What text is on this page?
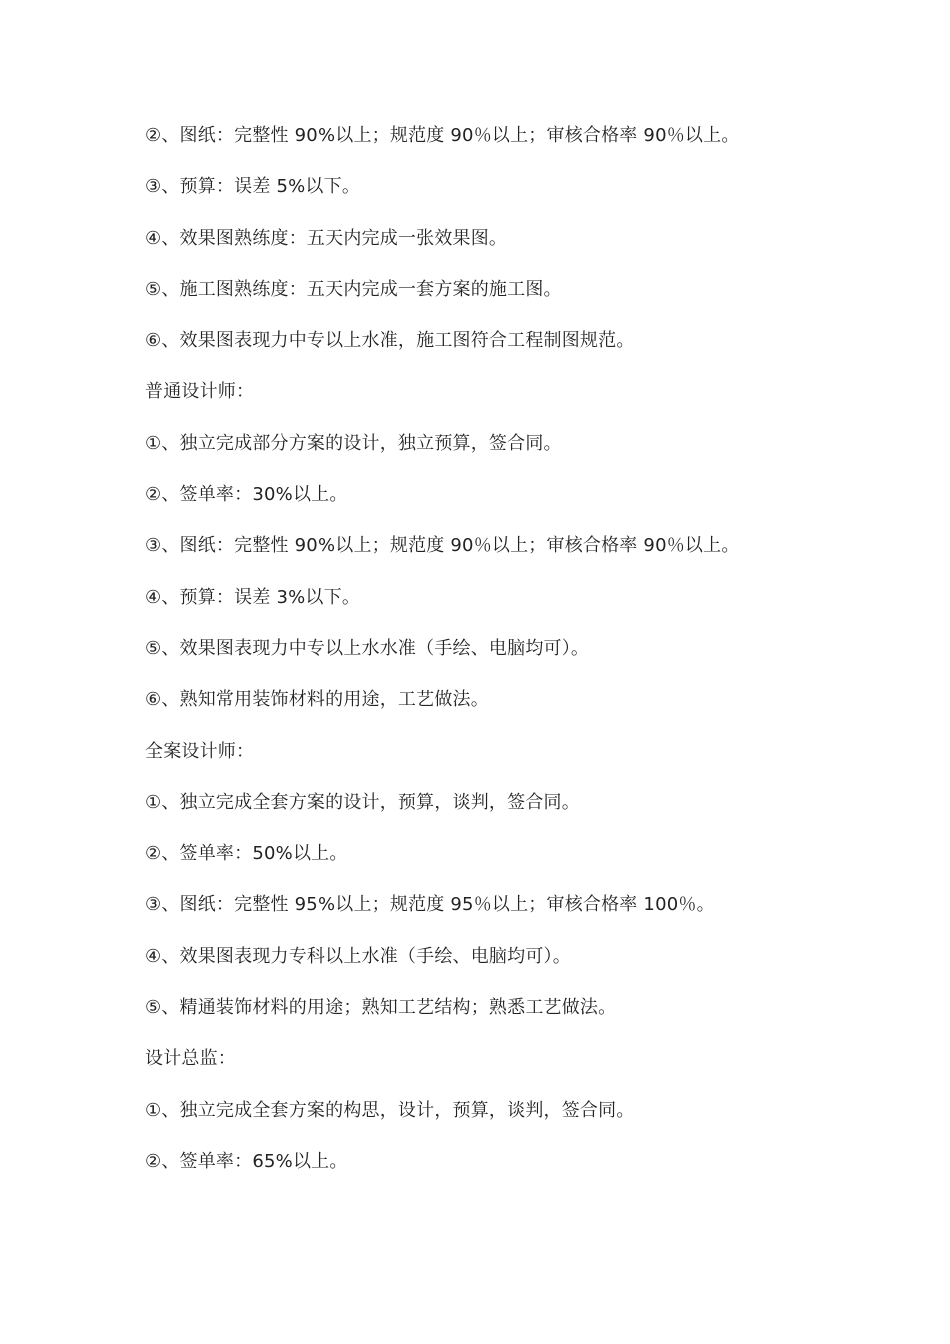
②、图纸：完整性 90%以上；规范度 90％以上；审核合格率 90％以上。
③、预算：误差 5%以下。
④、效果图熟练度：五天内完成一张效果图。
⑤、施工图熟练度：五天内完成一套方案的施工图。
⑥、效果图表现力中专以上水准，施工图符合工程制图规范。
普通设计师：
①、独立完成部分方案的设计，独立预算，签合同。
②、签单率：30%以上。
③、图纸：完整性 90%以上；规范度 90％以上；审核合格率 90％以上。
④、预算：误差 3%以下。
⑤、效果图表现力中专以上水水准（手绘、电脑均可）。
⑥、熟知常用装饰材料的用途，工艺做法。
全案设计师：
①、独立完成全套方案的设计，预算，谈判，签合同。
②、签单率：50%以上。
③、图纸：完整性 95%以上；规范度 95％以上；审核合格率 100％。
④、效果图表现力专科以上水准（手绘、电脑均可）。
⑤、精通装饰材料的用途；熟知工艺结构；熟悉工艺做法。
设计总监：
①、独立完成全套方案的构思，设计，预算，谈判，签合同。
②、签单率：65%以上。
